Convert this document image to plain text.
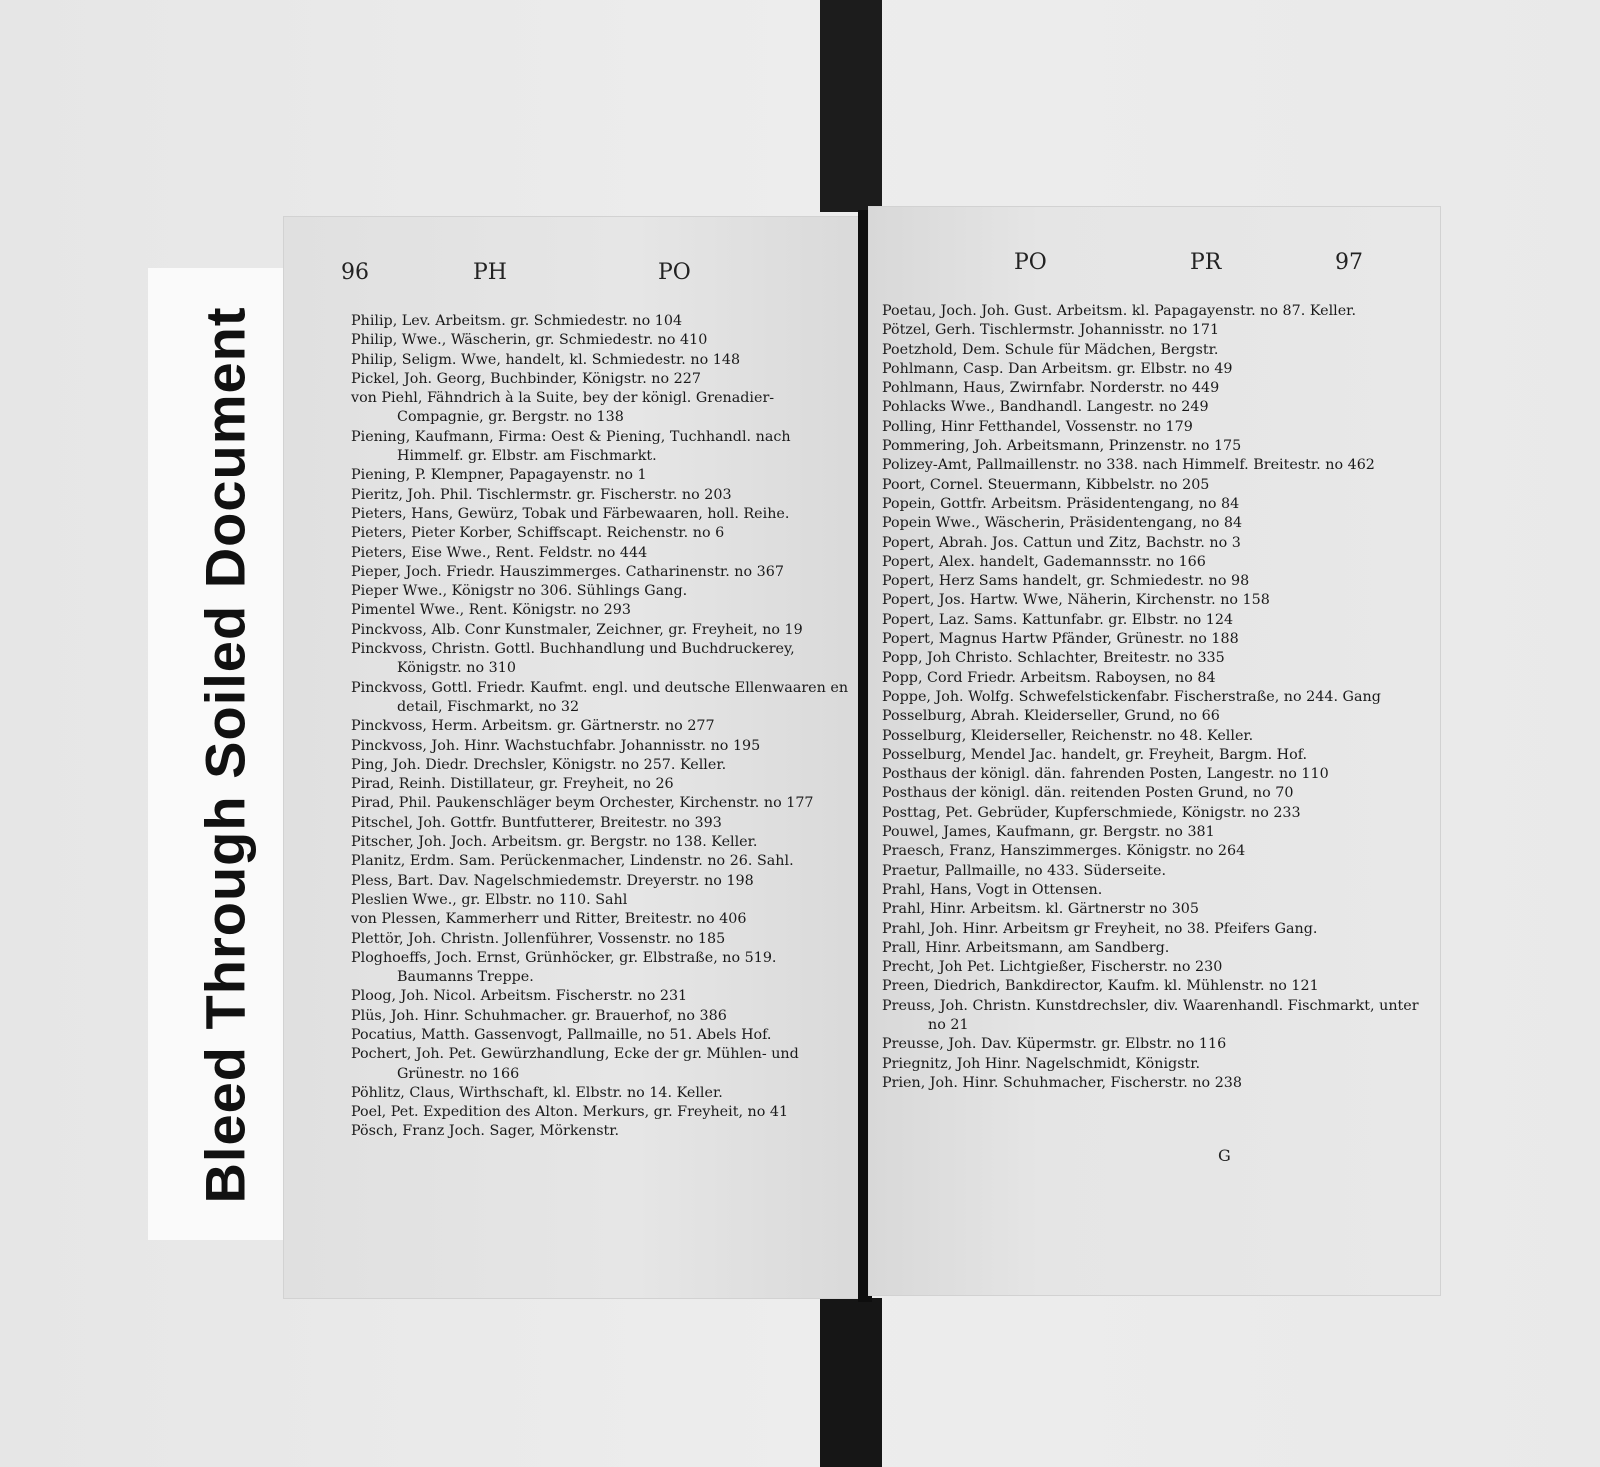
Bleed Through Soiled Document
96	PH	PO
Philip, Lev. Arbeitsm. gr. Schmiedestr. no 104
Philip, Wwe., Wäscherin, gr. Schmiedestr. no 410
Philip, Seligm. Wwe, handelt, kl. Schmiedestr. no 148
Pickel, Joh. Georg, Buchbinder, Königstr. no 227
von Piehl, Fähndrich à la Suite, bey der königl. Grenadier-Compagnie, gr. Bergstr. no 138
Piening, Kaufmann, Firma: Oest & Piening, Tuchhandl. nach Himmelf. gr. Elbstr. am Fischmarkt.
Piening, P. Klempner, Papagayenstr. no 1
Pieritz, Joh. Phil. Tischlermstr. gr. Fischerstr. no 203
Pieters, Hans, Gewürz, Tobak und Färbewaaren, holl. Reihe.
Pieters, Pieter Korber, Schiffscapt. Reichenstr. no 6
Pieters, Eise Wwe., Rent. Feldstr. no 444
Pieper, Joch. Friedr. Hauszimmerges. Catharinenstr. no 367
Pieper Wwe., Königstr no 306. Sühlings Gang.
Pimentel Wwe., Rent. Königstr. no 293
Pinckvoss, Alb. Conr Kunstmaler, Zeichner, gr. Freyheit, no 19
Pinckvoss, Christn. Gottl. Buchhandlung und Buchdruckerey, Königstr. no 310
Pinckvoss, Gottl. Friedr. Kaufmt. engl. und deutsche Ellenwaaren en detail, Fischmarkt, no 32
Pinckvoss, Herm. Arbeitsm. gr. Gärtnerstr. no 277
Pinckvoss, Joh. Hinr. Wachstuchfabr. Johannisstr. no 195
Ping, Joh. Diedr. Drechsler, Königstr. no 257. Keller.
Pirad, Reinh. Distillateur, gr. Freyheit, no 26
Pirad, Phil. Paukenschläger beym Orchester, Kirchenstr. no 177
Pitschel, Joh. Gottfr. Buntfutterer, Breitestr. no 393
Pitscher, Joh. Joch. Arbeitsm. gr. Bergstr. no 138. Keller.
Planitz, Erdm. Sam. Perückenmacher, Lindenstr. no 26. Sahl.
Pless, Bart. Dav. Nagelschmiedemstr. Dreyerstr. no 198
Pleslien Wwe., gr. Elbstr. no 110. Sahl
von Plessen, Kammerherr und Ritter, Breitestr. no 406
Plettör, Joh. Christn. Jollenführer, Vossenstr. no 185
Ploghoeffs, Joch. Ernst, Grünhöcker, gr. Elbstraße, no 519. Baumanns Treppe.
Ploog, Joh. Nicol. Arbeitsm. Fischerstr. no 231
Plüs, Joh. Hinr. Schuhmacher. gr. Brauerhof, no 386
Pocatius, Matth. Gassenvogt, Pallmaille, no 51. Abels Hof.
Pochert, Joh. Pet. Gewürzhandlung, Ecke der gr. Mühlen- und Grünestr. no 166
Pöhlitz, Claus, Wirthschaft, kl. Elbstr. no 14. Keller.
Poel, Pet. Expedition des Alton. Merkurs, gr. Freyheit, no 41
Pösch, Franz Joch. Sager, Mörkenstr.
PO	PR	97
Poetau, Joch. Joh. Gust. Arbeitsm. kl. Papagayenstr. no 87. Keller.
Pötzel, Gerh. Tischlermstr. Johannisstr. no 171
Poetzhold, Dem. Schule für Mädchen, Bergstr.
Pohlmann, Casp. Dan Arbeitsm. gr. Elbstr. no 49
Pohlmann, Haus, Zwirnfabr. Norderstr. no 449
Pohlacks Wwe., Bandhandl. Langestr. no 249
Polling, Hinr Fetthandel, Vossenstr. no 179
Pommering, Joh. Arbeitsmann, Prinzenstr. no 175
Polizey-Amt, Pallmaillenstr. no 338. nach Himmelf. Breitestr. no 462
Poort, Cornel. Steuermann, Kibbelstr. no 205
Popein, Gottfr. Arbeitsm. Präsidentengang, no 84
Popein Wwe., Wäscherin, Präsidentengang, no 84
Popert, Abrah. Jos. Cattun und Zitz, Bachstr. no 3
Popert, Alex. handelt, Gademannsstr. no 166
Popert, Herz Sams handelt, gr. Schmiedestr. no 98
Popert, Jos. Hartw. Wwe, Näherin, Kirchenstr. no 158
Popert, Laz. Sams. Kattunfabr. gr. Elbstr. no 124
Popert, Magnus Hartw Pfänder, Grünestr. no 188
Popp, Joh Christo. Schlachter, Breitestr. no 335
Popp, Cord Friedr. Arbeitsm. Raboysen, no 84
Poppe, Joh. Wolfg. Schwefelstickenfabr. Fischerstraße, no 244. Gang
Posselburg, Abrah. Kleiderseller, Grund, no 66
Posselburg, Kleiderseller, Reichenstr. no 48. Keller.
Posselburg, Mendel Jac. handelt, gr. Freyheit, Bargm. Hof.
Posthaus der königl. dän. fahrenden Posten, Langestr. no 110
Posthaus der königl. dän. reitenden Posten Grund, no 70
Posttag, Pet. Gebrüder, Kupferschmiede, Königstr. no 233
Pouwel, James, Kaufmann, gr. Bergstr. no 381
Praesch, Franz, Hanszimmerges. Königstr. no 264
Praetur, Pallmaille, no 433. Süderseite.
Prahl, Hans, Vogt in Ottensen.
Prahl, Hinr. Arbeitsm. kl. Gärtnerstr no 305
Prahl, Joh. Hinr. Arbeitsm gr Freyheit, no 38. Pfeifers Gang.
Prall, Hinr. Arbeitsmann, am Sandberg.
Precht, Joh Pet. Lichtgießer, Fischerstr. no 230
Preen, Diedrich, Bankdirector, Kaufm. kl. Mühlenstr. no 121
Preuss, Joh. Christn. Kunstdrechsler, div. Waarenhandl. Fischmarkt, unter no 21
Preusse, Joh. Dav. Küpermstr. gr. Elbstr. no 116
Priegnitz, Joh Hinr. Nagelschmidt, Königstr.
Prien, Joh. Hinr. Schuhmacher, Fischerstr. no 238
G
